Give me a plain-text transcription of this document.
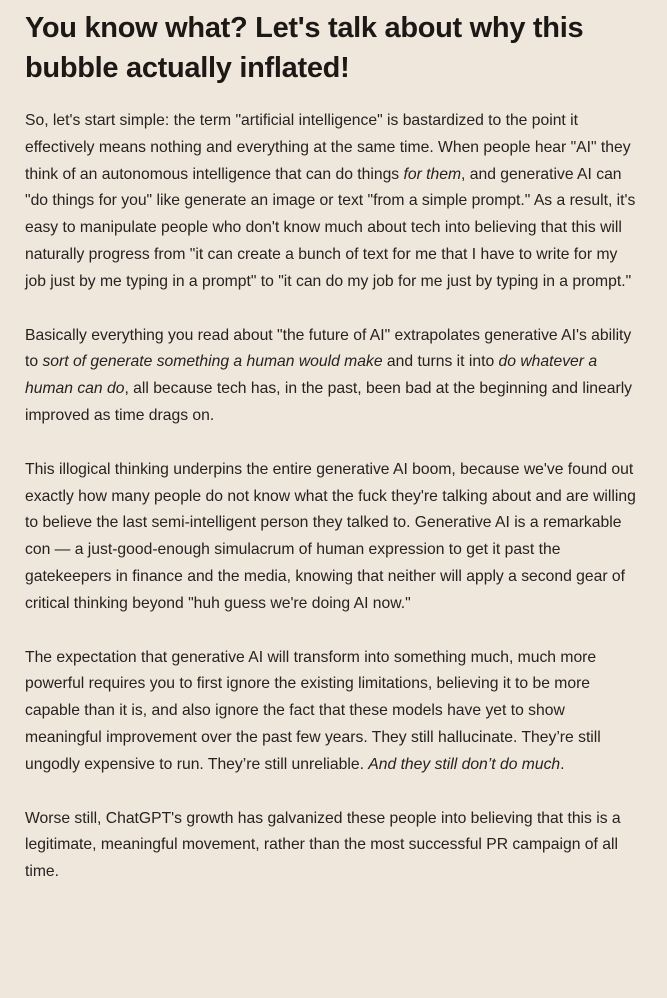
You know what? Let's talk about why this bubble actually inflated!

So, let's start simple: the term "artificial intelligence" is bastardized to the point it effectively means nothing and everything at the same time. When people hear "AI" they think of an autonomous intelligence that can do things for them, and generative AI can "do things for you" like generate an image or text "from a simple prompt." As a result, it's easy to manipulate people who don't know much about tech into believing that this will naturally progress from "it can create a bunch of text for me that I have to write for my job just by me typing in a prompt" to "it can do my job for me just by typing in a prompt."

Basically everything you read about "the future of AI" extrapolates generative AI's ability to sort of generate something a human would make and turns it into do whatever a human can do, all because tech has, in the past, been bad at the beginning and linearly improved as time drags on.

This illogical thinking underpins the entire generative AI boom, because we've found out exactly how many people do not know what the fuck they're talking about and are willing to believe the last semi-intelligent person they talked to. Generative AI is a remarkable con — a just-good-enough simulacrum of human expression to get it past the gatekeepers in finance and the media, knowing that neither will apply a second gear of critical thinking beyond "huh guess we're doing AI now."

The expectation that generative AI will transform into something much, much more powerful requires you to first ignore the existing limitations, believing it to be more capable than it is, and also ignore the fact that these models have yet to show meaningful improvement over the past few years. They still hallucinate. They’re still ungodly expensive to run. They’re still unreliable. And they still don’t do much.

Worse still, ChatGPT's growth has galvanized these people into believing that this is a legitimate, meaningful movement, rather than the most successful PR campaign of all time.
